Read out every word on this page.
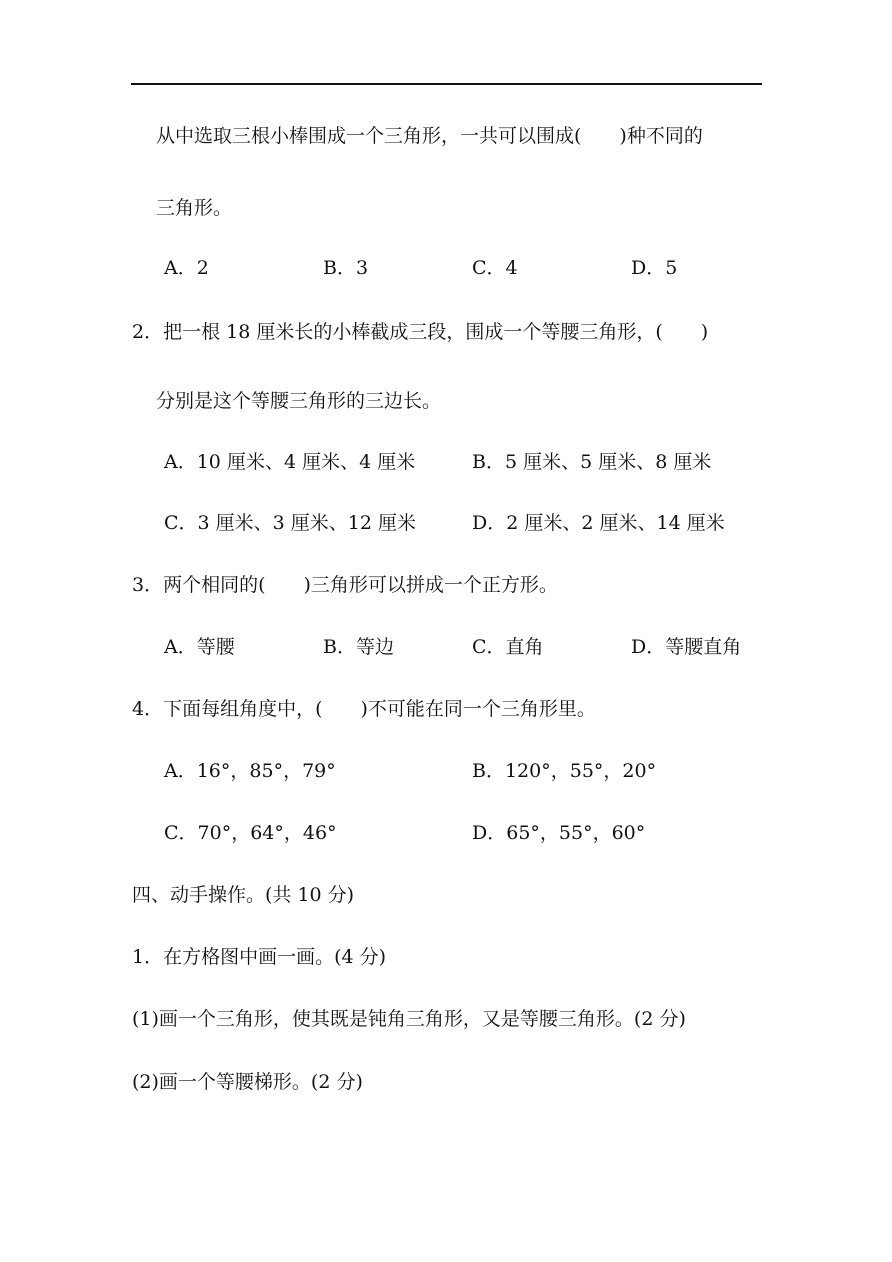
从中选取三根小棒围成一个三角形，一共可以围成(　　)种不同的
三角形。
A．2	B．3	C．4	D．5
2．把一根 18 厘米长的小棒截成三段，围成一个等腰三角形，(　　)
分别是这个等腰三角形的三边长。
A．10 厘米、4 厘米、4 厘米	B．5 厘米、5 厘米、8 厘米
C．3 厘米、3 厘米、12 厘米	D．2 厘米、2 厘米、14 厘米
3．两个相同的(　　)三角形可以拼成一个正方形。
A．等腰	B．等边	C．直角	D．等腰直角
4．下面每组角度中，(　　)不可能在同一个三角形里。
A．16°，85°，79°	B．120°，55°，20°
C．70°，64°，46°	D．65°，55°，60°
四、动手操作。(共 10 分)
1．在方格图中画一画。(4 分)
(1)画一个三角形，使其既是钝角三角形，又是等腰三角形。(2 分)
(2)画一个等腰梯形。(2 分)
